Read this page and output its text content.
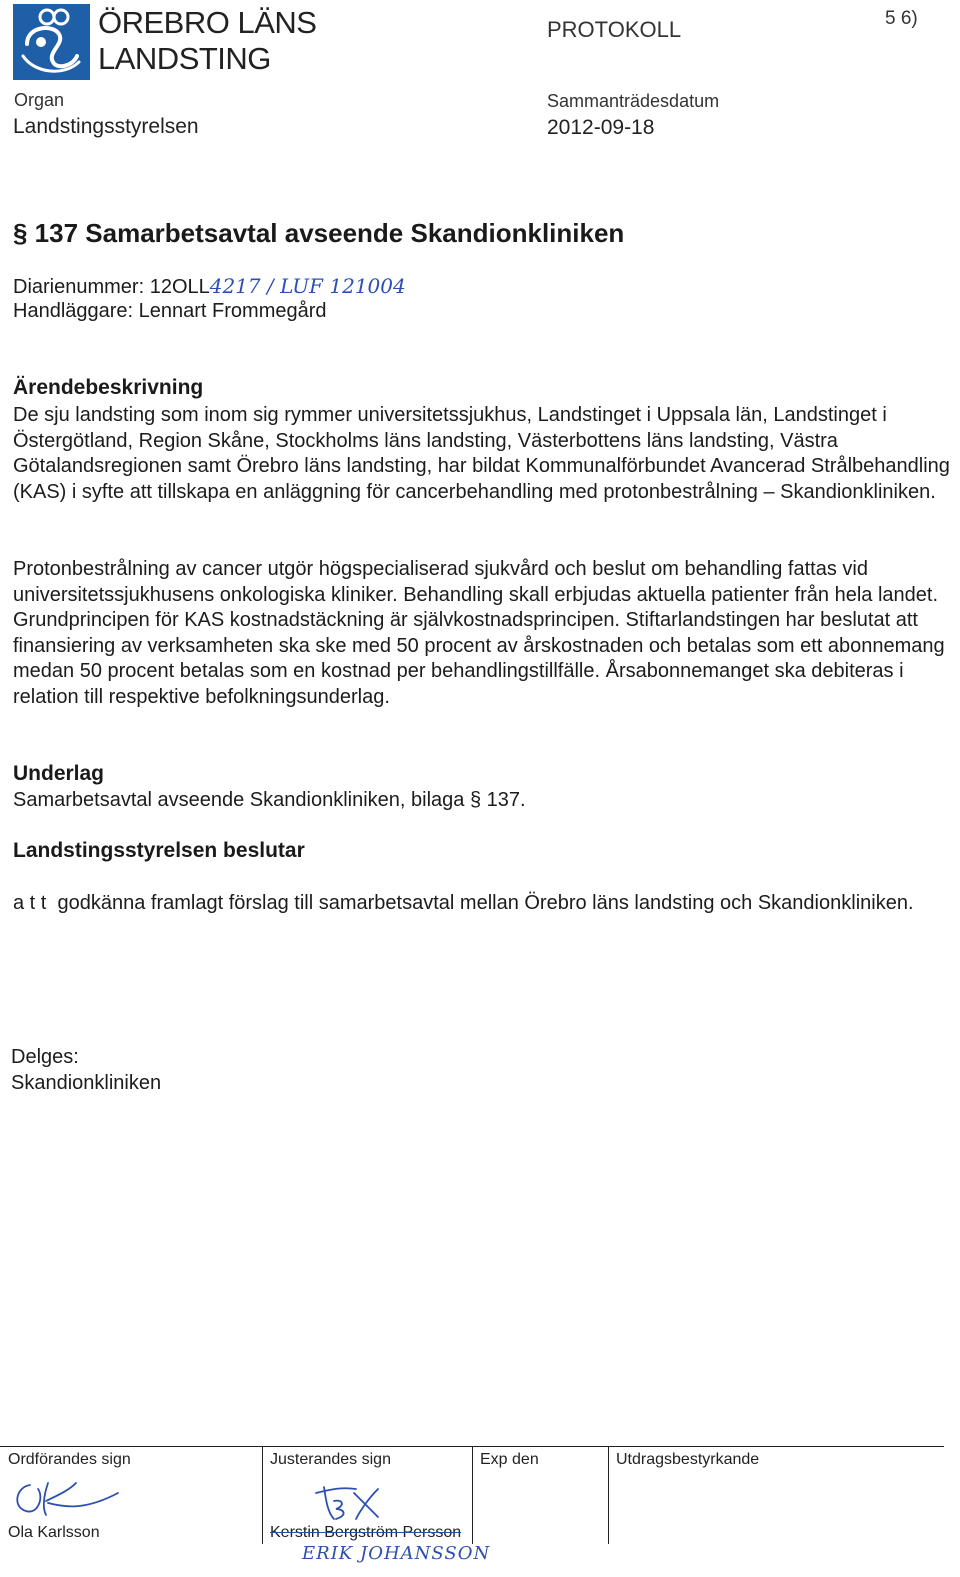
ÖREBRO LÄNS
LANDSTING
PROTOKOLL	5 6)
Organ
Landstingsstyrelsen
Sammanträdesdatum
2012-09-18
§ 137 Samarbetsavtal avseende Skandionkliniken
Diarienummer: 12OLL4217 / LUF 121004
Handläggare: Lennart Frommegård
Ärendebeskrivning

De sju landsting som inom sig rymmer universitetssjukhus, Landstinget i Uppsala län, Landstinget i Östergötland, Region Skåne, Stockholms läns landsting, Västerbottens läns landsting, Västra Götalandsregionen samt Örebro läns landsting, har bildat Kommunalförbundet Avancerad Strålbehandling (KAS) i syfte att tillskapa en anläggning för cancerbehandling med protonbestrålning – Skandionkliniken.

Protonbestrålning av cancer utgör högspecialiserad sjukvård och beslut om behandling fattas vid universitetssjukhusens onkologiska kliniker. Behandling skall erbjudas aktuella patienter från hela landet. Grundprincipen för KAS kostnadstäckning är självkostnadsprincipen. Stiftarlandstingen har beslutat att finansiering av verksamheten ska ske med 50 procent av årskostnaden och betalas som ett abonnemang medan 50 procent betalas som en kostnad per behandlingstillfälle. Årsabonnemanget ska debiteras i relation till respektive befolkningsunderlag.

Underlag
Samarbetsavtal avseende Skandionkliniken, bilaga § 137.
Landstingsstyrelsen beslutar
a t t godkänna framlagt förslag till samarbetsavtal mellan Örebro läns landsting och Skandionkliniken.
Delges:
Skandionkliniken
Ordförandes sign
Ola Karlsson
Justerandes sign
Kerstin Bergström Persson
Exp den	Utdragsbestyrkande
ERIK JOHANSSON
